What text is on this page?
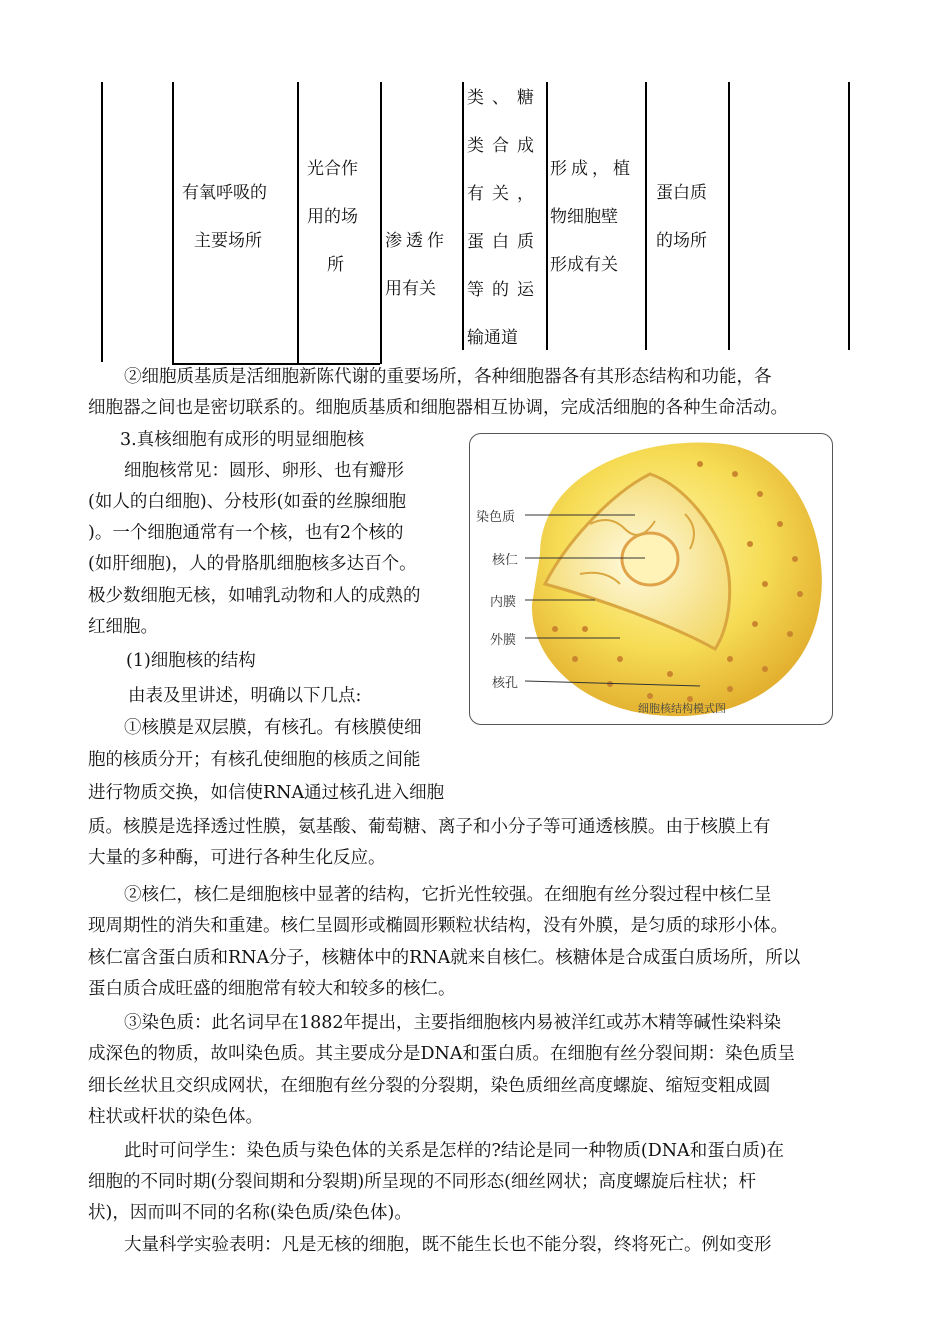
有氧呼吸的
主要场所
光合作
用的场
所
渗透作
用有关
类、糖
类合成
有关，
蛋白质
等的运
输通道
形成，植
物细胞壁
形成有关
蛋白质
的场所
②细胞质基质是活细胞新陈代谢的重要场所，各种细胞器各有其形态结构和功能，各
细胞器之间也是密切联系的。细胞质基质和细胞器相互协调，完成活细胞的各种生命活动。
3.真核细胞有成形的明显细胞核
细胞核常见：圆形、卵形、也有瓣形
(如人的白细胞)、分枝形(如蚕的丝腺细胞
)。一个细胞通常有一个核，也有2个核的
(如肝细胞)，人的骨胳肌细胞核多达百个。
极少数细胞无核，如哺乳动物和人的成熟的
红细胞。
(1)细胞核的结构
由表及里讲述，明确以下几点:
①核膜是双层膜，有核孔。有核膜使细
胞的核质分开；有核孔使细胞的核质之间能
进行物质交换，如信使RNA通过核孔进入细胞
质。核膜是选择透过性膜，氨基酸、葡萄糖、离子和小分子等可通透核膜。由于核膜上有
大量的多种酶，可进行各种生化反应。
染色质
核仁
内膜
外膜
核孔
细胞核结构模式图
②核仁，核仁是细胞核中显著的结构，它折光性较强。在细胞有丝分裂过程中核仁呈
现周期性的消失和重建。核仁呈圆形或椭圆形颗粒状结构，没有外膜，是匀质的球形小体。
核仁富含蛋白质和RNA分子，核糖体中的RNA就来自核仁。核糖体是合成蛋白质场所，所以
蛋白质合成旺盛的细胞常有较大和较多的核仁。
③染色质：此名词早在1882年提出，主要指细胞核内易被洋红或苏木精等碱性染料染
成深色的物质，故叫染色质。其主要成分是DNA和蛋白质。在细胞有丝分裂间期：染色质呈
细长丝状且交织成网状，在细胞有丝分裂的分裂期，染色质细丝高度螺旋、缩短变粗成圆
柱状或杆状的染色体。
此时可问学生：染色质与染色体的关系是怎样的?结论是同一种物质(DNA和蛋白质)在
细胞的不同时期(分裂间期和分裂期)所呈现的不同形态(细丝网状；高度螺旋后柱状；杆
状)，因而叫不同的名称(染色质/染色体)。
大量科学实验表明：凡是无核的细胞，既不能生长也不能分裂，终将死亡。例如变形
